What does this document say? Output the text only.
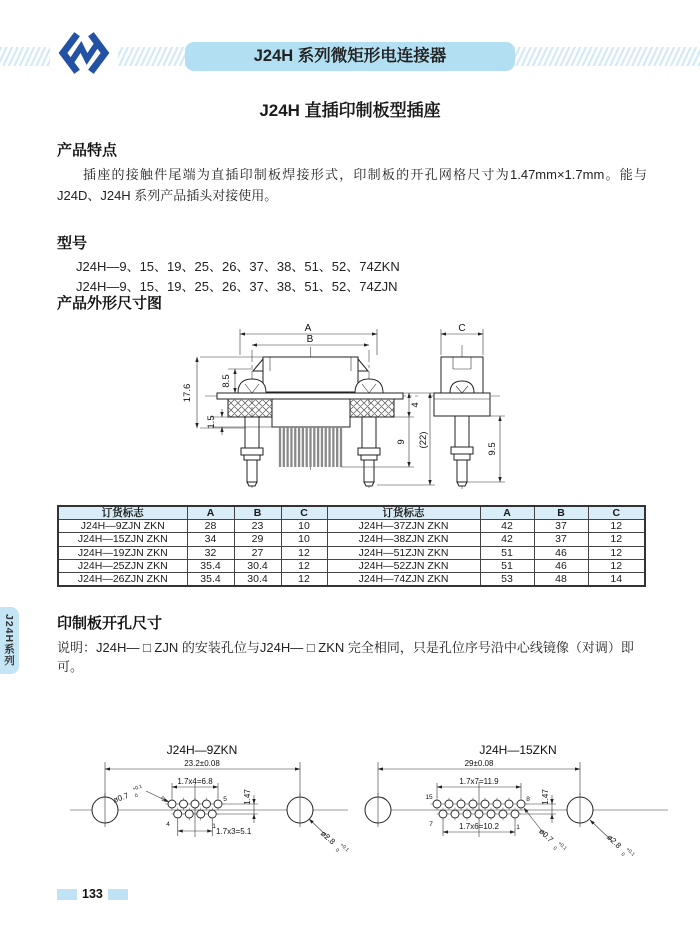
J24H 系列微矩形电连接器
J24H 直插印制板型插座
产品特点
插座的接触件尾端为直插印制板焊接形式，印制板的开孔网格尺寸为1.47mm×1.7mm。能与J24D、J24H 系列产品插头对接使用。
型号
J24H—9、15、19、25、26、37、38、51、52、74ZKN
J24H—9、15、19、25、26、37、38、51、52、74ZJN
产品外形尺寸图
A
B
17.6
8.5
1.5
4
9 (22)
C
9.5
订货标志	A	B	C	订货标志	A	B	C
J24H—9ZJN ZKN	28	23	10	J24H—37ZJN ZKN	42	37	12
J24H—15ZJN ZKN	34	29	10	J24H—38ZJN ZKN	42	37	12
J24H—19ZJN ZKN	32	27	12	J24H—51ZJN ZKN	51	46	12
J24H—25ZJN ZKN	35.4	30.4	12	J24H—52ZJN ZKN	51	46	12
J24H—26ZJN ZKN	35.4	30.4	12	J24H—74ZJN ZKN	53	48	14
印制板开孔尺寸
说明：J24H— □ ZJN 的安装孔位与J24H— □ ZKN 完全相同，只是孔位序号沿中心线镜像（对调）即可。
J24H系列
J24H—9ZKN
23.2±0.08
1.7x4=6.8
1.47
1.7x3=5.1
ø0.7
+0.1
0
ø2.8
+0.1
0
9	5
4	1
J24H—15ZKN
29±0.08
1.7x7=11.9
1.47
1.7x6=10.2
ø0.7
+0.1
0	ø2.8
+0.1
0
15	8
7	1
133
